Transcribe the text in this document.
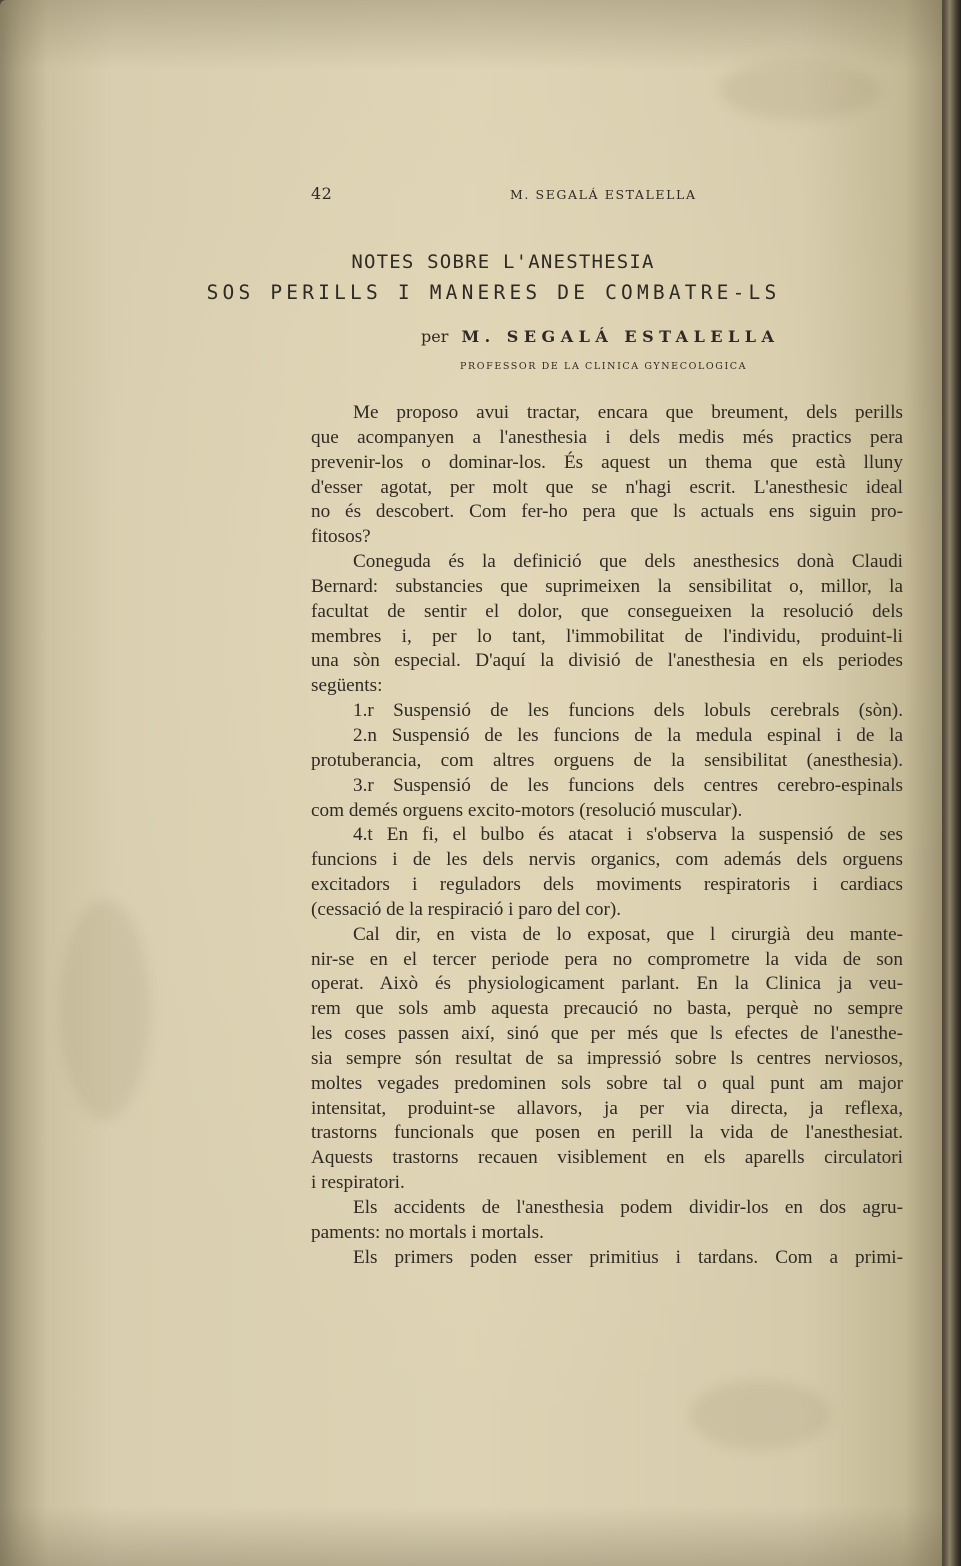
42	M. SEGALÁ ESTALELLA
NOTES SOBRE L'ANESTHESIA
SOS PERILLS I MANERES DE COMBATRE-LS
per M. SEGALÁ ESTALELLA
PROFESSOR DE LA CLINICA GYNECOLOGICA
Me proposo avui tractar, encara que breument, dels perills
que acompanyen a l'anesthesia i dels medis més practics pera
prevenir-los o dominar-los. És aquest un thema que està lluny
d'esser agotat, per molt que se n'hagi escrit. L'anesthesic ideal
no és descobert. Com fer-ho pera que ls actuals ens siguin pro-
fitosos?
Coneguda és la definició que dels anesthesics donà Claudi
Bernard: substancies que suprimeixen la sensibilitat o, millor, la
facultat de sentir el dolor, que consegueixen la resolució dels
membres i, per lo tant, l'immobilitat de l'individu, produint-li
una sòn especial. D'aquí la divisió de l'anesthesia en els periodes
següents:
1.r Suspensió de les funcions dels lobuls cerebrals (sòn).
2.n Suspensió de les funcions de la medula espinal i de la
protuberancia, com altres orguens de la sensibilitat (anesthesia).
3.r Suspensió de les funcions dels centres cerebro-espinals
com demés orguens excito-motors (resolució muscular).
4.t En fi, el bulbo és atacat i s'observa la suspensió de ses
funcions i de les dels nervis organics, com además dels orguens
excitadors i reguladors dels moviments respiratoris i cardiacs
(cessació de la respiració i paro del cor).
Cal dir, en vista de lo exposat, que l cirurgià deu mante-
nir-se en el tercer periode pera no comprometre la vida de son
operat. Això és physiologicament parlant. En la Clinica ja veu-
rem que sols amb aquesta precaució no basta, perquè no sempre
les coses passen així, sinó que per més que ls efectes de l'anesthe-
sia sempre són resultat de sa impressió sobre ls centres nerviosos,
moltes vegades predominen sols sobre tal o qual punt am major
intensitat, produint-se allavors, ja per via directa, ja reflexa,
trastorns funcionals que posen en perill la vida de l'anesthesiat.
Aquests trastorns recauen visiblement en els aparells circulatori
i respiratori.
Els accidents de l'anesthesia podem dividir-los en dos agru-
paments: no mortals i mortals.
Els primers poden esser primitius i tardans. Com a primi-
